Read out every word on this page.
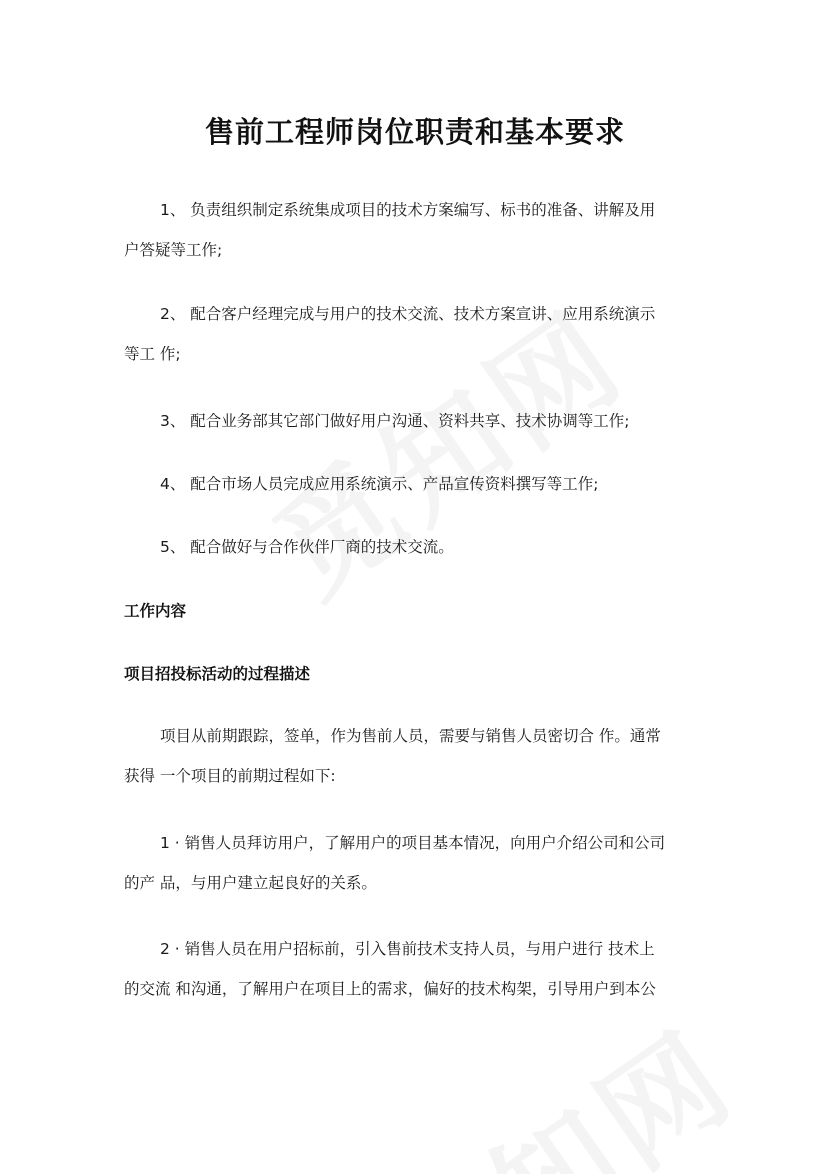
售前工程师岗位职责和基本要求
1、 负责组织制定系统集成项目的技术方案编写、标书的准备、讲解及用
户答疑等工作;
2、 配合客户经理完成与用户的技术交流、技术方案宣讲、应用系统演示
等工 作;
3、 配合业务部其它部门做好用户沟通、资料共享、技术协调等工作;
4、 配合市场人员完成应用系统演示、产品宣传资料撰写等工作;
5、 配合做好与合作伙伴厂商的技术交流。
工作内容
项目招投标活动的过程描述
项目从前期跟踪，签单，作为售前人员，需要与销售人员密切合 作。通常
获得 一个项目的前期过程如下:
1 · 销售人员拜访用户，了解用户的项目基本情况，向用户介绍公司和公司
的产 品，与用户建立起良好的关系。
2 · 销售人员在用户招标前，引入售前技术支持人员，与用户进行 技术上
的交流 和沟通，了解用户在项目上的需求，偏好的技术构架，引导用户到本公
